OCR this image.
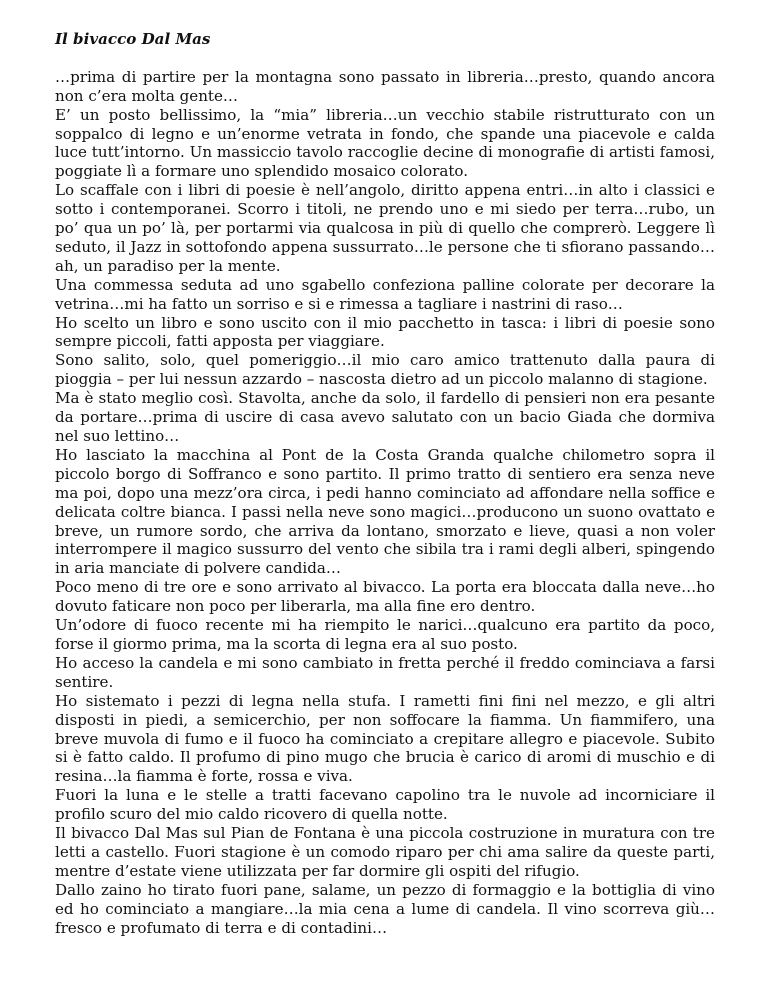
Il bivacco Dal Mas

…prima di partire per la montagna sono passato in libreria…presto, quando ancora non c’era molta gente…

E’ un posto bellissimo, la “mia” libreria…un vecchio stabile ristrutturato con un soppalco di legno e un’enorme vetrata in fondo, che spande una piacevole e calda luce tutt’intorno. Un massiccio tavolo raccoglie decine di monografie di artisti famosi, poggiate lì a formare uno splendido mosaico colorato.

Lo scaffale con i libri di poesie è nell’angolo, diritto appena entri…in alto i classici e sotto i contemporanei. Scorro i titoli, ne prendo uno e mi siedo per terra…rubo, un po’ qua un po’ là, per portarmi via qualcosa in più di quello che comprerò. Leggere lì seduto, il Jazz in sottofondo appena sussurrato…le persone che ti sfiorano passando…ah, un paradiso per la mente.

Una commessa seduta ad uno sgabello confeziona palline colorate per decorare la vetrina…mi ha fatto un sorriso e si e rimessa a tagliare i nastrini di raso…

Ho scelto un libro e sono uscito con il mio pacchetto in tasca: i libri di poesie sono sempre piccoli, fatti apposta per viaggiare.

Sono salito, solo, quel pomeriggio…il mio caro amico trattenuto dalla paura di pioggia – per lui nessun azzardo – nascosta dietro ad un piccolo malanno di stagione.

Ma è stato meglio così. Stavolta, anche da solo, il fardello di pensieri non era pesante da portare…prima di uscire di casa avevo salutato con un bacio Giada che dormiva nel suo lettino…

Ho lasciato la macchina al Pont de la Costa Granda qualche chilometro sopra il piccolo borgo di Soffranco e sono partito. Il primo tratto di sentiero era senza neve ma poi, dopo una mezz’ora circa, i pedi hanno cominciato ad affondare nella soffice e delicata coltre bianca. I passi nella neve sono magici…producono un suono ovattato e breve, un rumore sordo, che arriva da lontano, smorzato e lieve, quasi a non voler interrompere il magico sussurro del vento che sibila tra i rami degli alberi, spingendo in aria manciate di polvere candida…

Poco meno di tre ore e sono arrivato al bivacco. La porta era bloccata dalla neve…ho dovuto faticare non poco per liberarla, ma alla fine ero dentro.

Un’odore di fuoco recente mi ha riempito le narici…qualcuno era partito da poco, forse il giormo prima, ma la scorta di legna era al suo posto.

Ho acceso la candela e mi sono cambiato in fretta perché il freddo cominciava a farsi sentire.

Ho sistemato i pezzi di legna nella stufa. I rametti fini fini nel mezzo, e gli altri disposti in piedi, a semicerchio, per non soffocare la fiamma. Un fiammifero, una breve muvola di fumo e il fuoco ha cominciato a crepitare allegro e piacevole. Subito si è fatto caldo. Il profumo di pino mugo che brucia è carico di aromi di muschio e di resina…la fiamma è forte, rossa e viva.

Fuori la luna e le stelle a tratti facevano capolino tra le nuvole ad incorniciare il profilo scuro del mio caldo ricovero di quella notte.

Il bivacco Dal Mas sul Pian de Fontana è una piccola costruzione in muratura con tre letti a castello. Fuori stagione è un comodo riparo per chi ama salire da queste parti, mentre d’estate viene utilizzata per far dormire gli ospiti del rifugio.

Dallo zaino ho tirato fuori pane, salame, un pezzo di formaggio e la bottiglia di vino ed ho cominciato a mangiare…la mia cena a lume di candela. Il vino scorreva giù…fresco e profumato di terra e di contadini…
